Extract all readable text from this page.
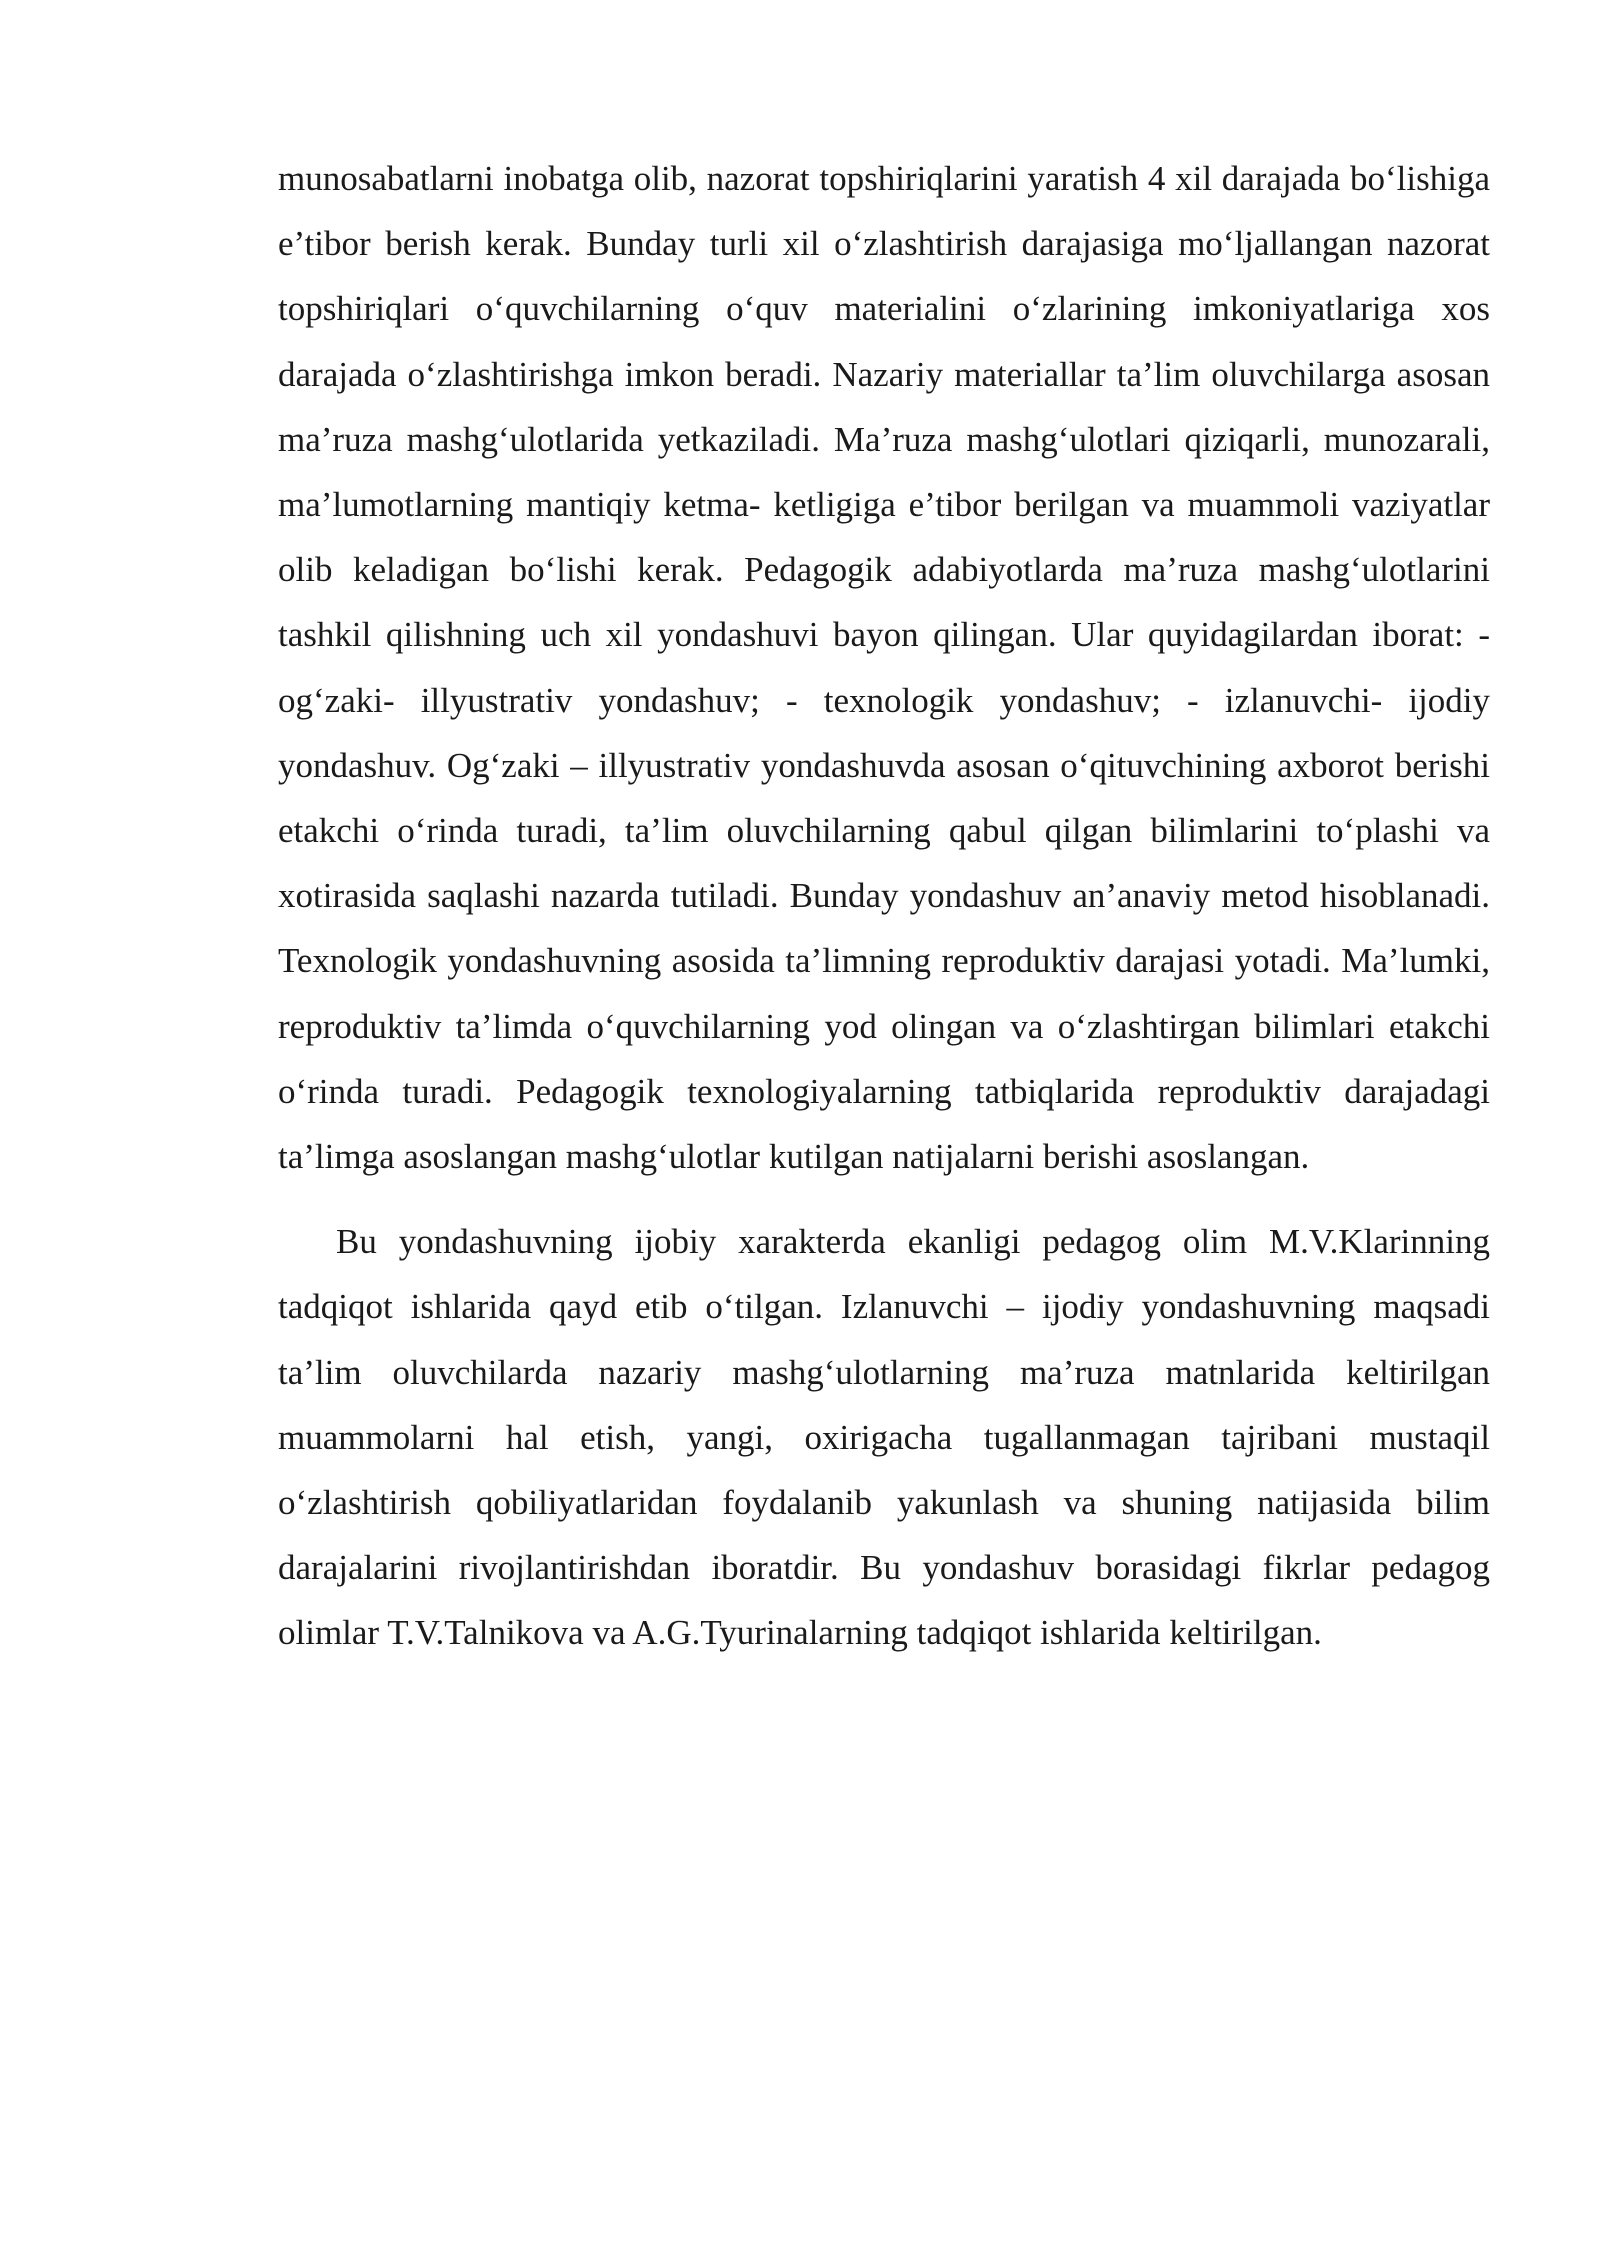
munosabatlarni inobatga olib, nazorat topshiriqlarini yaratish 4 xil darajada boʻlishiga e’tibor berish kerak. Bunday turli xil oʻzlashtirish darajasiga moʻljallangan nazorat topshiriqlari oʻquvchilarning oʻquv materialini oʻzlarining imkoniyatlariga xos darajada oʻzlashtirishga imkon beradi. Nazariy materiallar ta’lim oluvchilarga asosan ma’ruza mashgʻulotlarida yetkaziladi. Ma’ruza mashgʻulotlari qiziqarli, munozarali, ma’lumotlarning mantiqiy ketma- ketligiga e’tibor berilgan va muammoli vaziyatlar olib keladigan boʻlishi kerak. Pedagogik adabiyotlarda ma’ruza mashgʻulotlarini tashkil qilishning uch xil yondashuvi bayon qilingan. Ular quyidagilardan iborat: - ogʻzaki- illyustrativ yondashuv; - texnologik yondashuv; - izlanuvchi- ijodiy yondashuv. Ogʻzaki – illyustrativ yondashuvda asosan oʻqituvchining axborot berishi etakchi oʻrinda turadi, ta’lim oluvchilarning qabul qilgan bilimlarini toʻplashi va xotirasida saqlashi nazarda tutiladi. Bunday yondashuv an’anaviy metod hisoblanadi. Texnologik yondashuvning asosida ta’limning reproduktiv darajasi yotadi. Ma’lumki, reproduktiv ta’limda oʻquvchilarning yod olingan va oʻzlashtirgan bilimlari etakchi oʻrinda turadi. Pedagogik texnologiyalarning tatbiqlarida reproduktiv darajadagi ta’limga asoslangan mashgʻulotlar kutilgan natijalarni berishi asoslangan.

Bu yondashuvning ijobiy xarakterda ekanligi pedagog olim M.V.Klarinning tadqiqot ishlarida qayd etib oʻtilgan. Izlanuvchi – ijodiy yondashuvning maqsadi ta’lim oluvchilarda nazariy mashgʻulotlarning ma’ruza matnlarida keltirilgan muammolarni hal etish, yangi, oxirigacha tugallanmagan tajribani mustaqil oʻzlashtirish qobiliyatlaridan foydalanib yakunlash va shuning natijasida bilim darajalarini rivojlantirishdan iboratdir. Bu yondashuv borasidagi fikrlar pedagog olimlar T.V.Talnikova va A.G.Tyurinalarning tadqiqot ishlarida keltirilgan.
